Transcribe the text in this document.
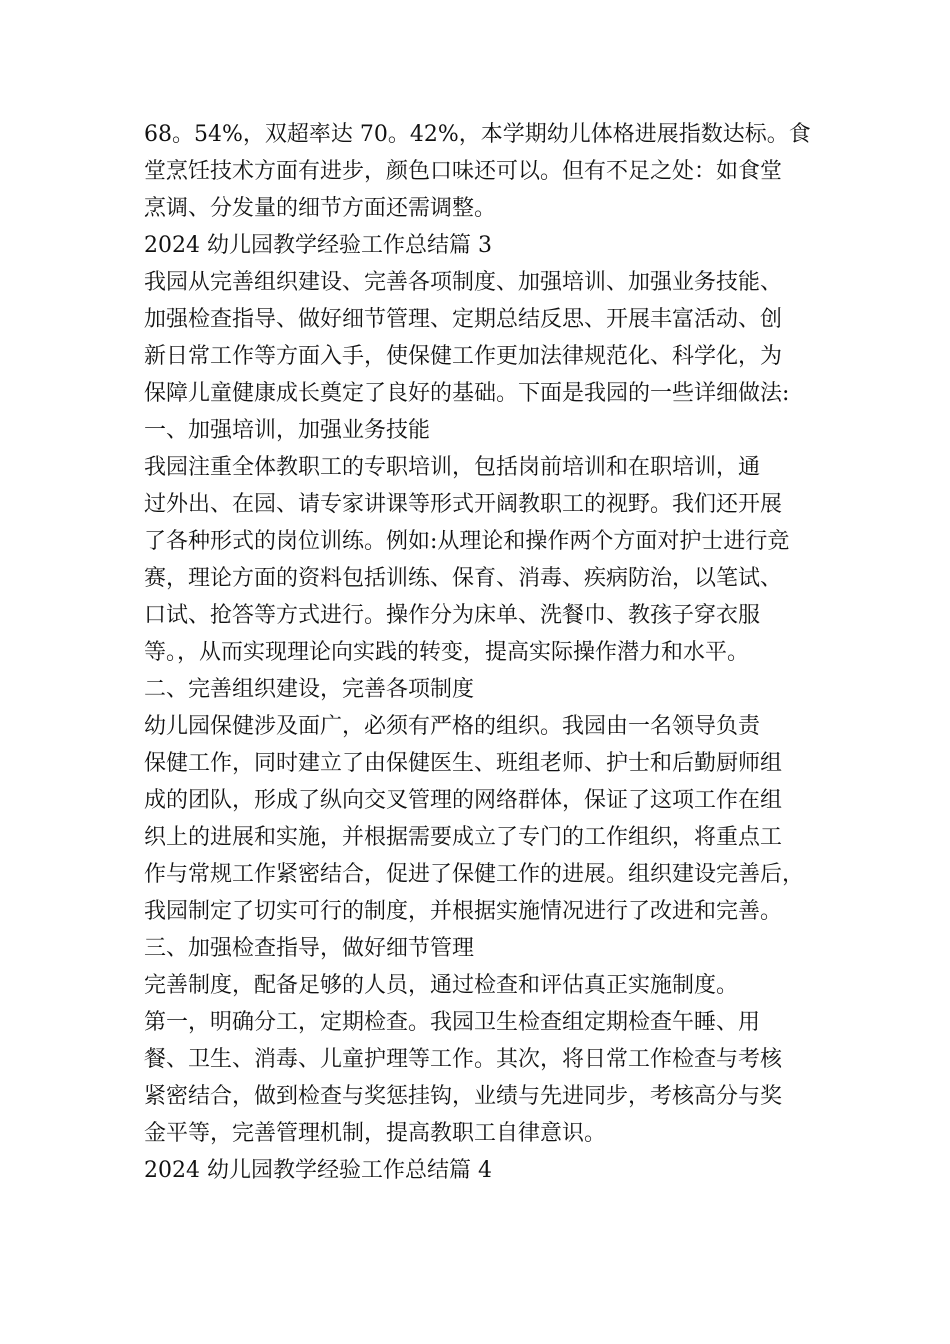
68。54%，双超率达 70。42%，本学期幼儿体格进展指数达标。食

堂烹饪技术方面有进步，颜色口味还可以。但有不足之处：如食堂

烹调、分发量的细节方面还需调整。

2024 幼儿园教学经验工作总结篇 3

我园从完善组织建设、完善各项制度、加强培训、加强业务技能、

加强检查指导、做好细节管理、定期总结反思、开展丰富活动、创

新日常工作等方面入手，使保健工作更加法律规范化、科学化，为

保障儿童健康成长奠定了良好的基础。下面是我园的一些详细做法:

一、加强培训，加强业务技能

我园注重全体教职工的专职培训，包括岗前培训和在职培训，通

过外出、在园、请专家讲课等形式开阔教职工的视野。我们还开展

了各种形式的岗位训练。例如:从理论和操作两个方面对护士进行竞

赛，理论方面的资料包括训练、保育、消毒、疾病防治，以笔试、

口试、抢答等方式进行。操作分为床单、洗餐巾、教孩子穿衣服

等。，从而实现理论向实践的转变，提高实际操作潜力和水平。

二、完善组织建设，完善各项制度

幼儿园保健涉及面广，必须有严格的组织。我园由一名领导负责

保健工作，同时建立了由保健医生、班组老师、护士和后勤厨师组

成的团队，形成了纵向交叉管理的网络群体，保证了这项工作在组

织上的进展和实施，并根据需要成立了专门的工作组织，将重点工

作与常规工作紧密结合，促进了保健工作的进展。组织建设完善后，

我园制定了切实可行的制度，并根据实施情况进行了改进和完善。

三、加强检查指导，做好细节管理

完善制度，配备足够的人员，通过检查和评估真正实施制度。

第一，明确分工，定期检查。我园卫生检查组定期检查午睡、用

餐、卫生、消毒、儿童护理等工作。其次，将日常工作检查与考核

紧密结合，做到检查与奖惩挂钩，业绩与先进同步，考核高分与奖

金平等，完善管理机制，提高教职工自律意识。

2024 幼儿园教学经验工作总结篇 4
